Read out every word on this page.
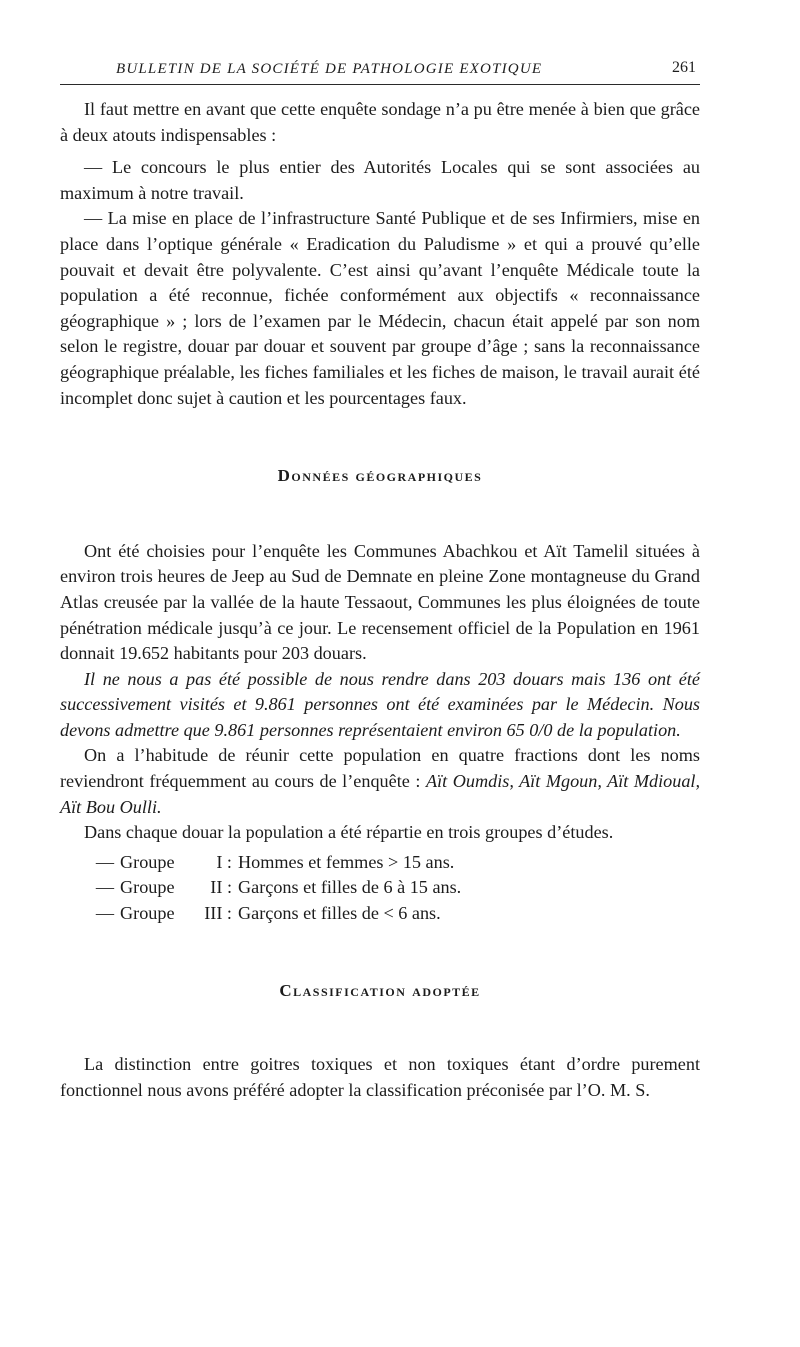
BULLETIN DE LA SOCIÉTÉ DE PATHOLOGIE EXOTIQUE	261

Il faut mettre en avant que cette enquête sondage n’a pu être menée à bien que grâce à deux atouts indispensables :

— Le concours le plus entier des Autorités Locales qui se sont associées au maximum à notre travail.

— La mise en place de l’infrastructure Santé Publique et de ses Infirmiers, mise en place dans l’optique générale « Eradication du Paludisme » et qui a prouvé qu’elle pouvait et devait être polyvalente. C’est ainsi qu’avant l’enquête Médicale toute la population a été reconnue, fichée conformément aux objectifs « reconnaissance géographique » ; lors de l’examen par le Médecin, chacun était appelé par son nom selon le registre, douar par douar et souvent par groupe d’âge ; sans la reconnaissance géographique préalable, les fiches familiales et les fiches de maison, le travail aurait été incomplet donc sujet à caution et les pourcentages faux.

Données géographiques

Ont été choisies pour l’enquête les Communes Abachkou et Aït Tamelil situées à environ trois heures de Jeep au Sud de Demnate en pleine Zone montagneuse du Grand Atlas creusée par la vallée de la haute Tessaout, Communes les plus éloignées de toute pénétration médicale jusqu’à ce jour. Le recensement officiel de la Population en 1961 donnait 19.652 habitants pour 203 douars.

Il ne nous a pas été possible de nous rendre dans 203 douars mais 136 ont été successivement visités et 9.861 personnes ont été examinées par le Médecin. Nous devons admettre que 9.861 personnes représentaient environ 65 0/0 de la population.

On a l’habitude de réunir cette population en quatre fractions dont les noms reviendront fréquemment au cours de l’enquête : Aït Oumdis, Aït Mgoun, Aït Mdioual, Aït Bou Oulli.

Dans chaque douar la population a été répartie en trois groupes d’études.

— Groupe	I : Hommes et femmes > 15 ans.
— Groupe	II : Garçons et filles de 6 à 15 ans.
— Groupe	III : Garçons et filles de < 6 ans.
Classification adoptée

La distinction entre goitres toxiques et non toxiques étant d’ordre purement fonctionnel nous avons préféré adopter la classification préconisée par l’O. M. S.
